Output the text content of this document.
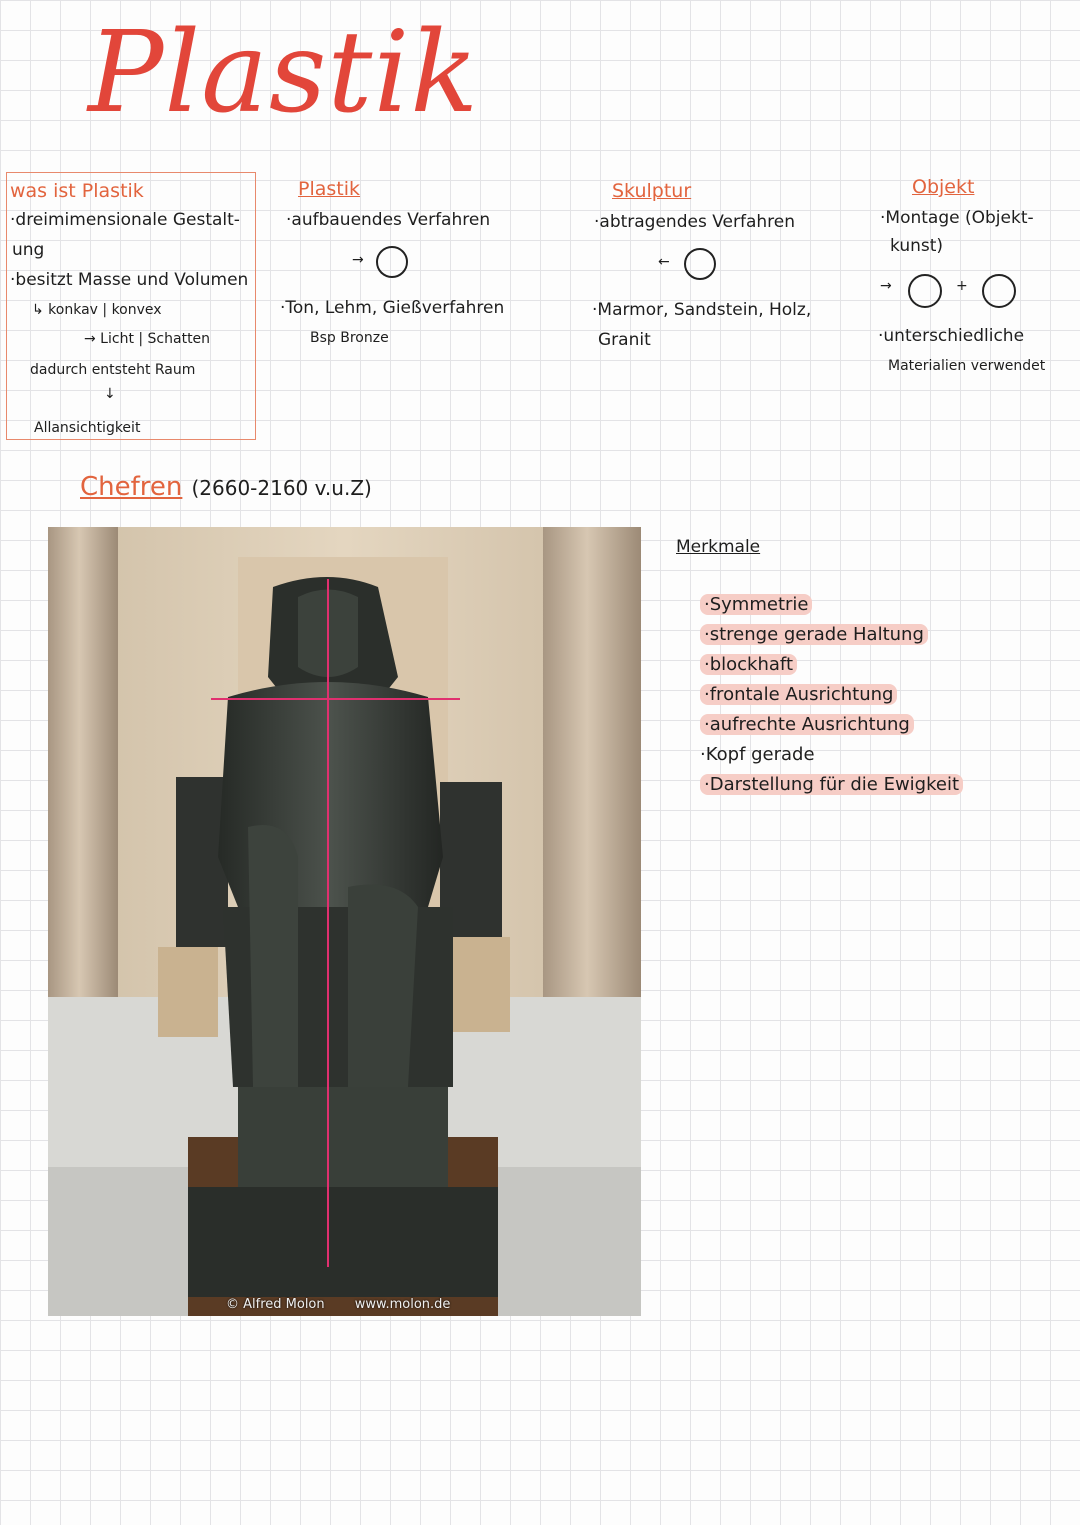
Plastik
was ist Plastik
·dreimimensionale Gestalt-
ung
·besitzt Masse und Volumen
↳ konkav | konvex
→ Licht | Schatten
dadurch entsteht Raum
↓
Allansichtigkeit
Plastik
·aufbauendes Verfahren
→
·Ton, Lehm, Gießverfahren
Bsp Bronze
Skulptur
·abtragendes Verfahren
←
·Marmor, Sandstein, Holz,
Granit
Objekt
·Montage (Objekt-
kunst)
→	+
·unterschiedliche
Materialien verwendet
Chefren (2660-2160 v.u.Z)
© Alfred Molon www.molon.de
Merkmale
·Symmetrie
·strenge gerade Haltung
·blockhaft
·frontale Ausrichtung
·aufrechte Ausrichtung
·Kopf gerade
·Darstellung für die Ewigkeit
